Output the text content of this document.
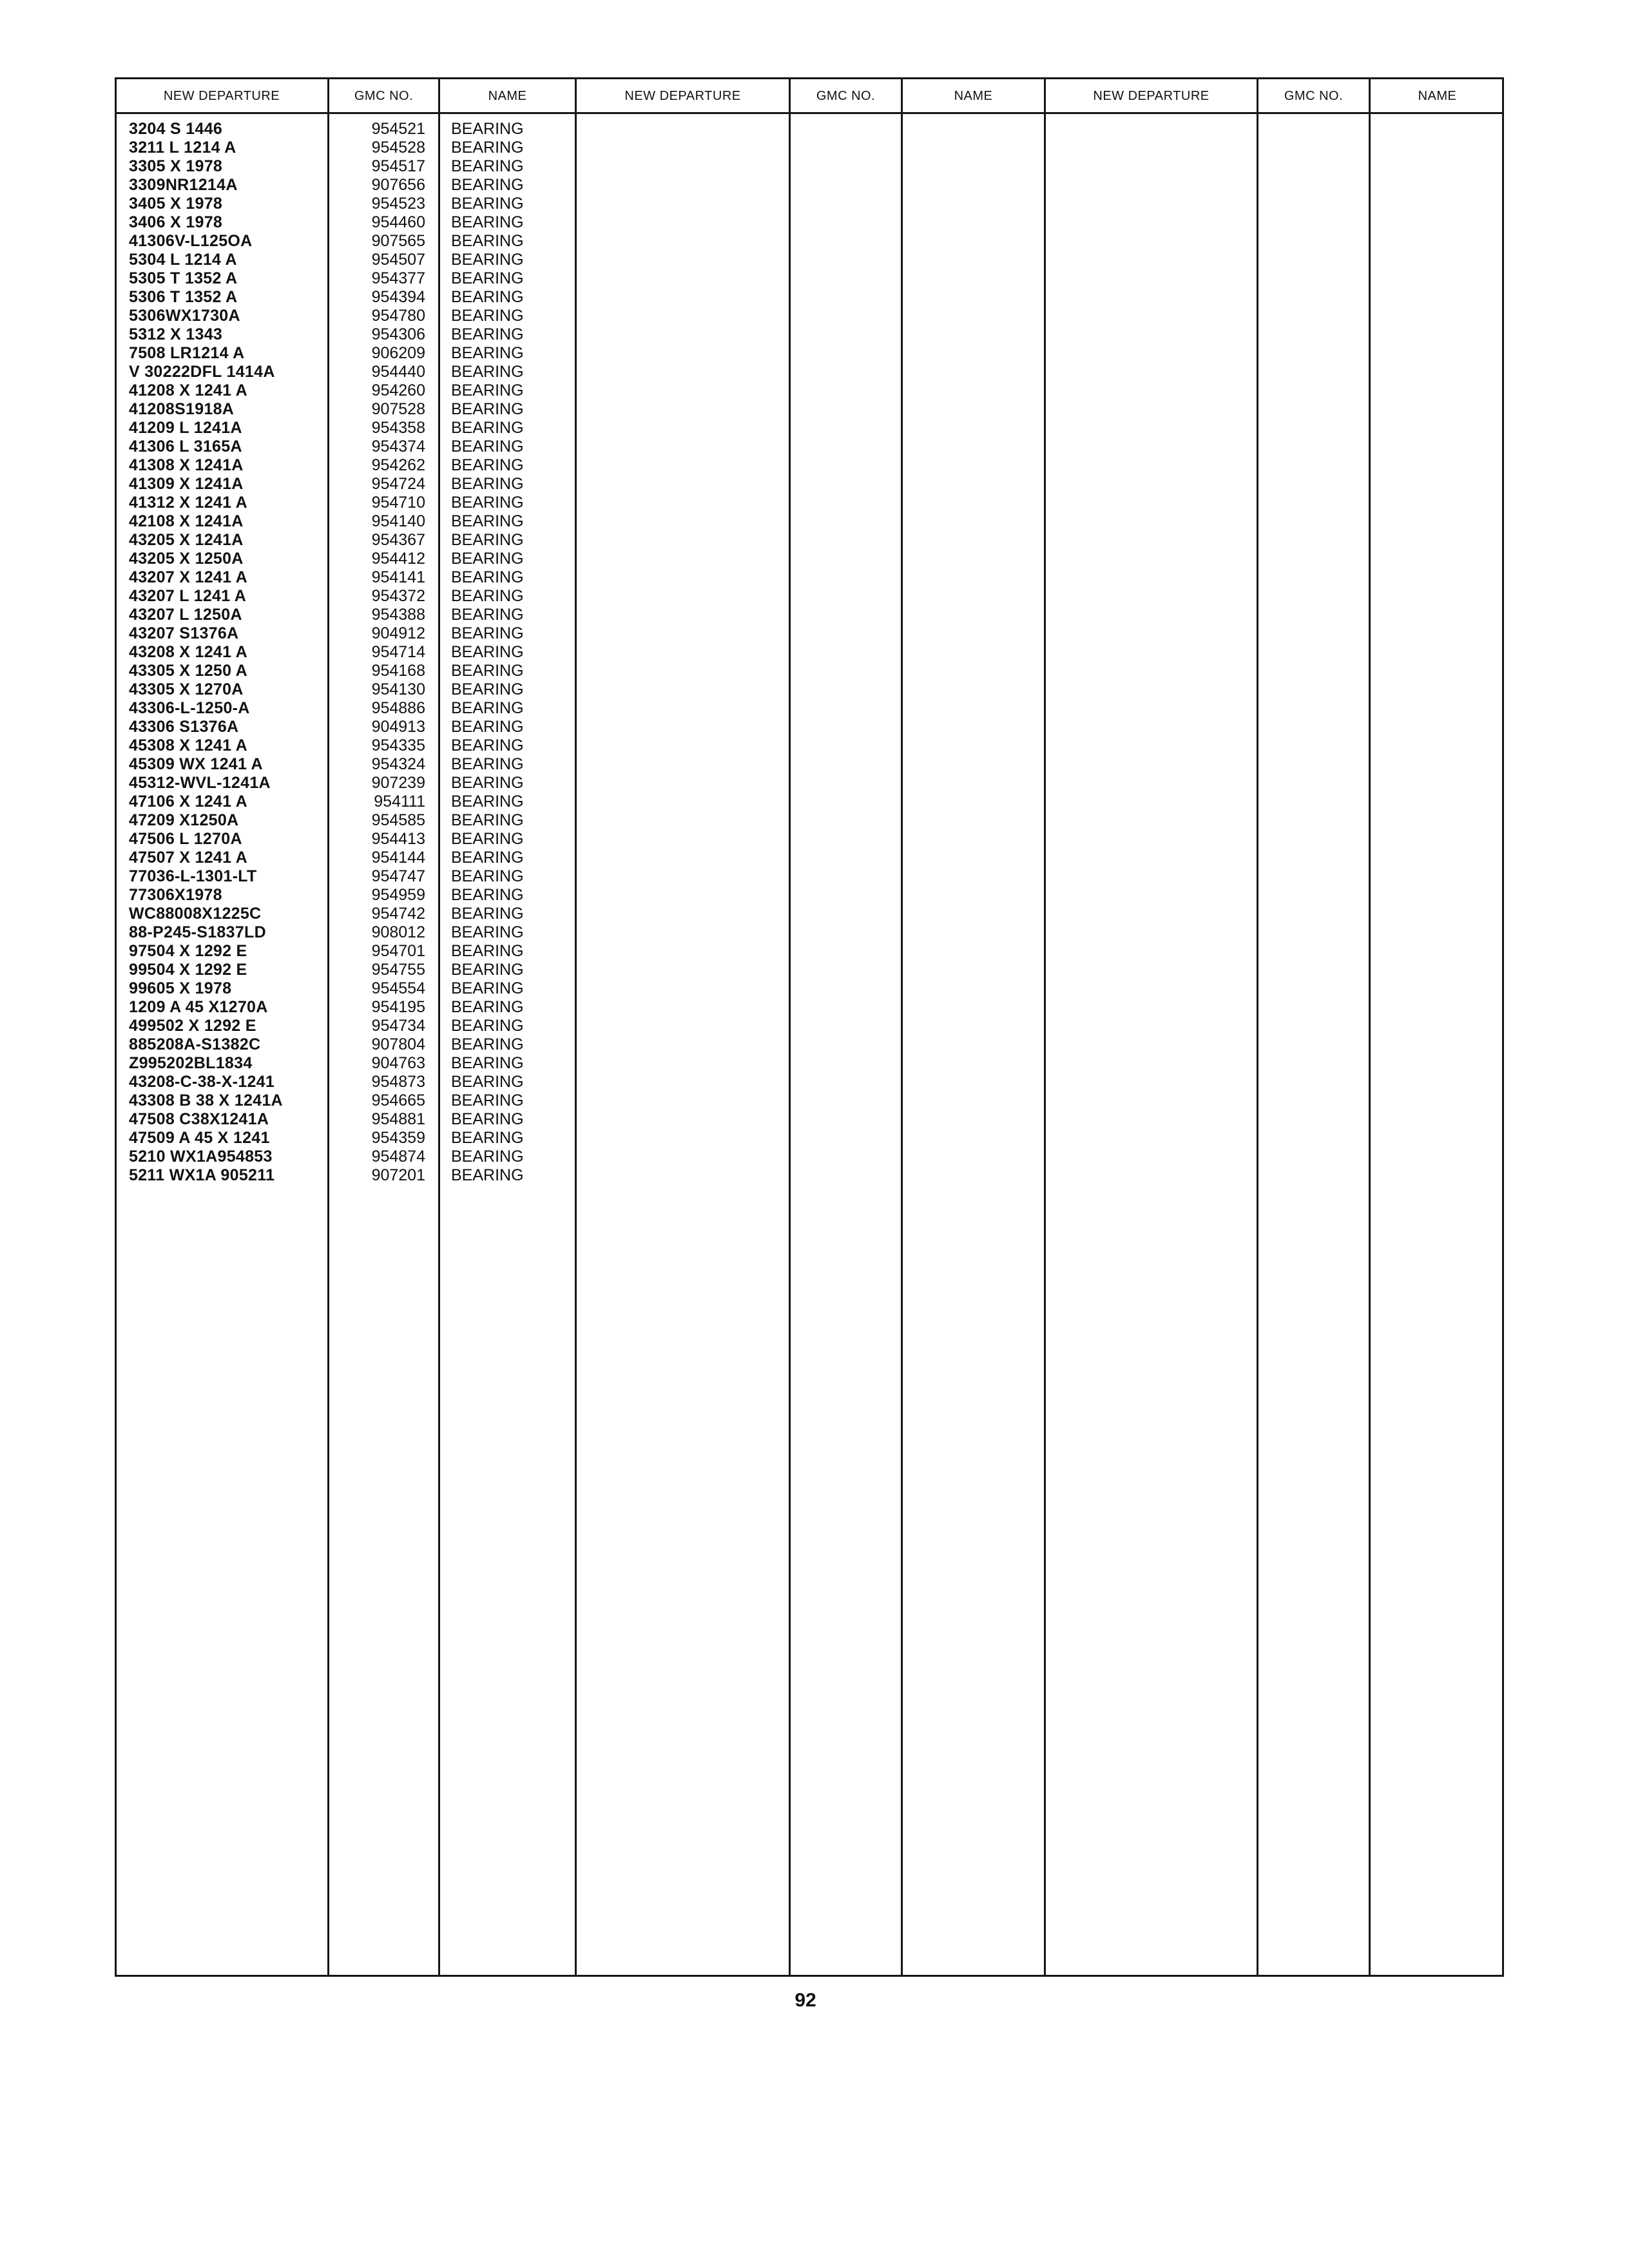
NEW DEPARTURE	GMC NO.	NAME	NEW DEPARTURE	GMC NO.	NAME	NEW DEPARTURE	GMC NO.	NAME
3204 S 1446	954521 BEARING
3211 L 1214 A	954528 BEARING
3305 X 1978	954517 BEARING
3309NR1214A	907656 BEARING
3405 X 1978	954523 BEARING
3406 X 1978	954460 BEARING
41306V-L125OA	907565 BEARING
5304 L 1214 A	954507 BEARING
5305 T 1352 A	954377 BEARING
5306 T 1352 A	954394 BEARING
5306WX1730A	954780 BEARING
5312 X 1343	954306 BEARING
7508 LR1214 A	906209 BEARING
V 30222DFL 1414A	954440 BEARING
41208 X 1241 A	954260 BEARING
41208S1918A	907528 BEARING
41209 L 1241A	954358 BEARING
41306 L 3165A	954374 BEARING
41308 X 1241A	954262 BEARING
41309 X 1241A	954724 BEARING
41312 X 1241 A	954710 BEARING
42108 X 1241A	954140 BEARING
43205 X 1241A	954367 BEARING
43205 X 1250A	954412 BEARING
43207 X 1241 A	954141 BEARING
43207 L 1241 A	954372 BEARING
43207 L 1250A	954388 BEARING
43207 S1376A	904912 BEARING
43208 X 1241 A	954714 BEARING
43305 X 1250 A	954168 BEARING
43305 X 1270A	954130 BEARING
43306-L-1250-A	954886 BEARING
43306 S1376A	904913 BEARING
45308 X 1241 A	954335 BEARING
45309 WX 1241 A	954324 BEARING
45312-WVL-1241A	907239 BEARING
47106 X 1241 A	954111 BEARING
47209 X1250A	954585 BEARING
47506 L 1270A	954413 BEARING
47507 X 1241 A	954144 BEARING
77036-L-1301-LT	954747 BEARING
77306X1978	954959 BEARING
WC88008X1225C	954742 BEARING
88-P245-S1837LD	908012 BEARING
97504 X 1292 E	954701 BEARING
99504 X 1292 E	954755 BEARING
99605 X 1978	954554 BEARING
1209 A 45 X1270A	954195 BEARING
499502 X 1292 E	954734 BEARING
885208A-S1382C	907804 BEARING
Z995202BL1834	904763 BEARING
43208-C-38-X-1241	954873 BEARING
43308 B 38 X 1241A	954665 BEARING
47508 C38X1241A	954881 BEARING
47509 A 45 X 1241	954359 BEARING
5210 WX1A954853	954874 BEARING
5211 WX1A 905211	907201 BEARING
92
